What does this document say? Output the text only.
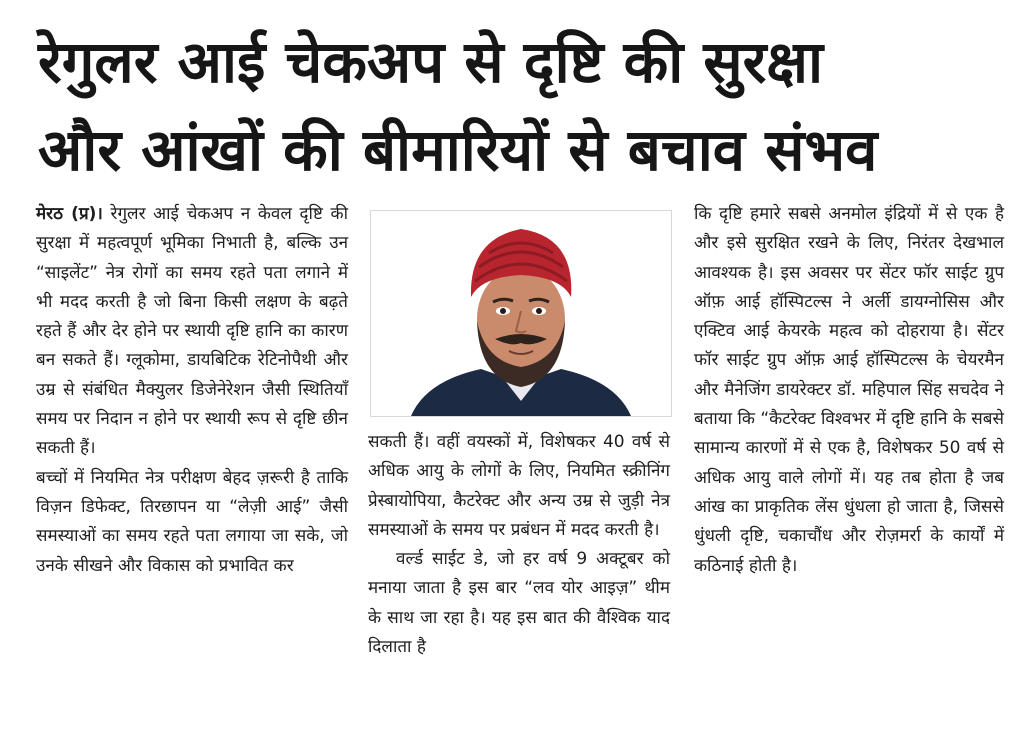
रेगुलर आई चेकअप से दृष्टि की सुरक्षा
और आंखों की बीमारियों से बचाव संभव

मेरठ (प्र)। रेगुलर आई चेकअप न केवल दृष्टि की सुरक्षा में महत्वपूर्ण भूमिका निभाती है, बल्कि उन “साइलेंट” नेत्र रोगों का समय रहते पता लगाने में भी मदद करती है जो बिना किसी लक्षण के बढ़ते रहते हैं और देर होने पर स्थायी दृष्टि हानि का कारण बन सकते हैं। ग्लूकोमा, डायबिटिक रेटिनोपैथी और उम्र से संबंधित मैक्युलर डिजेनेरेशन जैसी स्थितियाँ समय पर निदान न होने पर स्थायी रूप से दृष्टि छीन सकती हैं।

बच्चों में नियमित नेत्र परीक्षण बेहद ज़रूरी है ताकि विज़न डिफेक्ट, तिरछापन या “लेज़ी आई” जैसी समस्याओं का समय रहते पता लगाया जा सके, जो उनके सीखने और विकास को प्रभावित कर

सकती हैं। वहीं वयस्कों में, विशेषकर 40 वर्ष से अधिक आयु के लोगों के लिए, नियमित स्क्रीनिंग प्रेस्बायोपिया, कैटरेक्ट और अन्य उम्र से जुड़ी नेत्र समस्याओं के समय पर प्रबंधन में मदद करती है।

वर्ल्ड साईट डे, जो हर वर्ष 9 अक्टूबर को मनाया जाता है इस बार “लव योर आइज़” थीम के साथ जा रहा है। यह इस बात की वैश्विक याद दिलाता है

कि दृष्टि हमारे सबसे अनमोल इंद्रियों में से एक है और इसे सुरक्षित रखने के लिए, निरंतर देखभाल आवश्यक है। इस अवसर पर सेंटर फॉर साईट ग्रुप ऑफ़ आई हॉस्पिटल्स ने अर्ली डायग्नोसिस और एक्टिव आई केयरके महत्व को दोहराया है। सेंटर फॉर साईट ग्रुप ऑफ़ आई हॉस्पिटल्स के चेयरमैन और मैनेजिंग डायरेक्टर डॉ. महिपाल सिंह सचदेव ने बताया कि “कैटरेक्ट विश्वभर में दृष्टि हानि के सबसे सामान्य कारणों में से एक है, विशेषकर 50 वर्ष से अधिक आयु वाले लोगों में। यह तब होता है जब आंख का प्राकृतिक लेंस धुंधला हो जाता है, जिससे धुंधली दृष्टि, चकाचौंध और रोज़मर्रा के कार्यों में कठिनाई होती है।
